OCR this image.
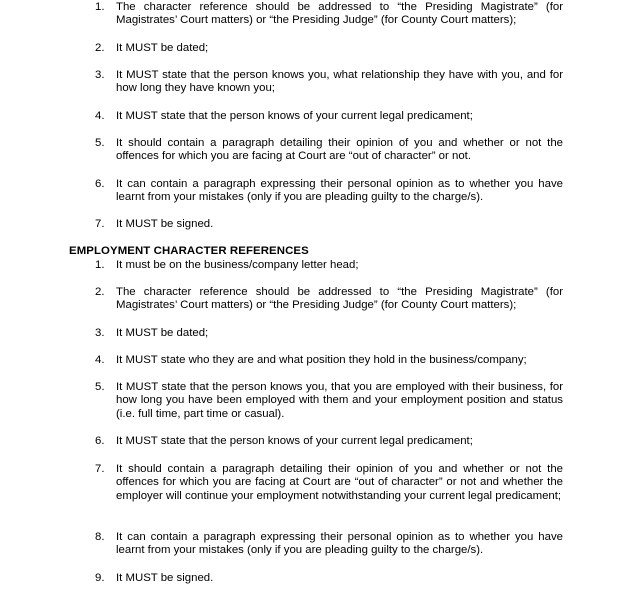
1. The character reference should be addressed to “the Presiding Magistrate” (for Magistrates’ Court matters) or “the Presiding Judge” (for County Court matters);
2. It MUST be dated;
3. It MUST state that the person knows you, what relationship they have with you, and for how long they have known you;
4. It MUST state that the person knows of your current legal predicament;
5. It should contain a paragraph detailing their opinion of you and whether or not the offences for which you are facing at Court are “out of character” or not.
6. It can contain a paragraph expressing their personal opinion as to whether you have learnt from your mistakes (only if you are pleading guilty to the charge/s).
7. It MUST be signed.
EMPLOYMENT CHARACTER REFERENCES
1. It must be on the business/company letter head;
2. The character reference should be addressed to “the Presiding Magistrate” (for Magistrates’ Court matters) or “the Presiding Judge” (for County Court matters);
3. It MUST be dated;
4. It MUST state who they are and what position they hold in the business/company;
5. It MUST state that the person knows you, that you are employed with their business, for how long you have been employed with them and your employment position and status (i.e. full time, part time or casual).
6. It MUST state that the person knows of your current legal predicament;
7. It should contain a paragraph detailing their opinion of you and whether or not the offences for which you are facing at Court are “out of character” or not and whether the employer will continue your employment notwithstanding your current legal predicament;
8. It can contain a paragraph expressing their personal opinion as to whether you have learnt from your mistakes (only if you are pleading guilty to the charge/s).
9. It MUST be signed.
